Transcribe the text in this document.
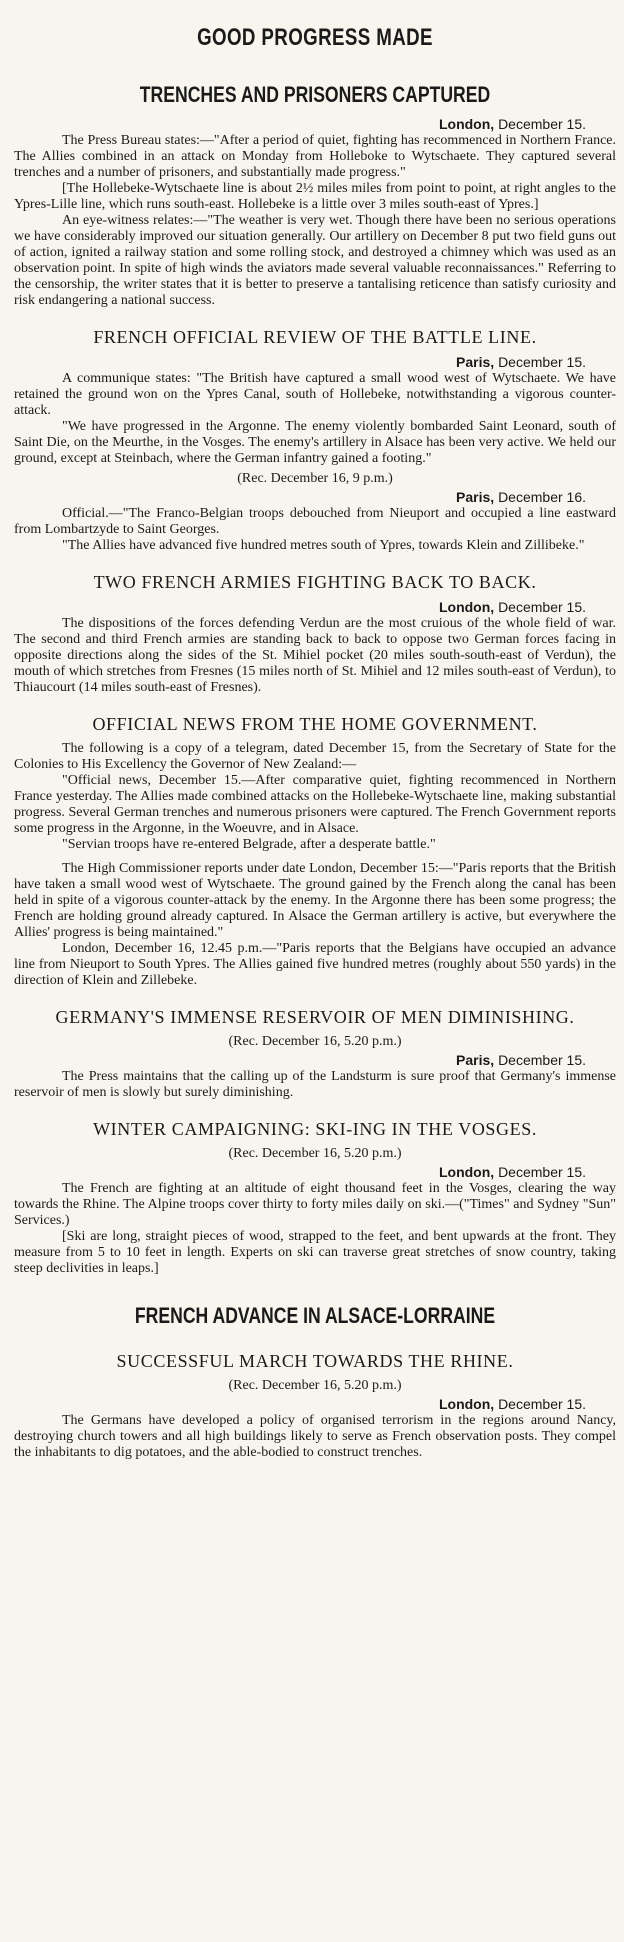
GOOD PROGRESS MADE
TRENCHES AND PRISONERS CAPTURED
London, December 15.

The Press Bureau states:—"After a period of quiet, fighting has recommenced in Northern France. The Allies combined in an attack on Monday from Holleboke to Wytschaete. They captured several trenches and a number of prisoners, and substantially made progress."

[The Hollebeke-Wytschaete line is about 2½ miles miles from point to point, at right angles to the Ypres-Lille line, which runs south-east. Hollebeke is a little over 3 miles south-east of Ypres.]

An eye-witness relates:—"The weather is very wet. Though there have been no serious operations we have considerably improved our situation generally. Our artillery on December 8 put two field guns out of action, ignited a railway station and some rolling stock, and destroyed a chimney which was used as an observation point. In spite of high winds the aviators made several valuable reconnaissances." Referring to the censorship, the writer states that it is better to preserve a tantalising reticence than satisfy curiosity and risk endangering a national success.

FRENCH OFFICIAL REVIEW OF THE BATTLE LINE.
Paris, December 15.

A communique states: "The British have captured a small wood west of Wytschaete. We have retained the ground won on the Ypres Canal, south of Hollebeke, notwithstanding a vigorous counter-attack.

"We have progressed in the Argonne. The enemy violently bombarded Saint Leonard, south of Saint Die, on the Meurthe, in the Vosges. The enemy's artillery in Alsace has been very active. We held our ground, except at Steinbach, where the German infantry gained a footing."

(Rec. December 16, 9 p.m.)
Paris, December 16.

Official.—"The Franco-Belgian troops debouched from Nieuport and occupied a line eastward from Lombartzyde to Saint Georges.

"The Allies have advanced five hundred metres south of Ypres, towards Klein and Zillibeke."

TWO FRENCH ARMIES FIGHTING BACK TO BACK.
London, December 15.

The dispositions of the forces defending Verdun are the most cruious of the whole field of war. The second and third French armies are standing back to back to oppose two German forces facing in opposite directions along the sides of the St. Mihiel pocket (20 miles south-south-east of Verdun), the mouth of which stretches from Fresnes (15 miles north of St. Mihiel and 12 miles south-east of Verdun), to Thiaucourt (14 miles south-east of Fresnes).

OFFICIAL NEWS FROM THE HOME GOVERNMENT.

The following is a copy of a telegram, dated December 15, from the Secretary of State for the Colonies to His Excellency the Governor of New Zealand:—

"Official news, December 15.—After comparative quiet, fighting recommenced in Northern France yesterday. The Allies made combined attacks on the Hollebeke-Wytschaete line, making substantial progress. Several German trenches and numerous prisoners were captured. The French Government reports some progress in the Argonne, in the Woeuvre, and in Alsace.

"Servian troops have re-entered Belgrade, after a desperate battle."

The High Commissioner reports under date London, December 15:—"Paris reports that the British have taken a small wood west of Wytschaete. The ground gained by the French along the canal has been held in spite of a vigorous counter-attack by the enemy. In the Argonne there has been some progress; the French are holding ground already captured. In Alsace the German artillery is active, but everywhere the Allies' progress is being maintained."

London, December 16, 12.45 p.m.—"Paris reports that the Belgians have occupied an advance line from Nieuport to South Ypres. The Allies gained five hundred metres (roughly about 550 yards) in the direction of Klein and Zillebeke.

GERMANY'S IMMENSE RESERVOIR OF MEN DIMINISHING.
(Rec. December 16, 5.20 p.m.)
Paris, December 15.

The Press maintains that the calling up of the Landsturm is sure proof that Germany's immense reservoir of men is slowly but surely diminishing.

WINTER CAMPAIGNING: SKI-ING IN THE VOSGES.
(Rec. December 16, 5.20 p.m.)
London, December 15.

The French are fighting at an altitude of eight thousand feet in the Vosges, clearing the way towards the Rhine. The Alpine troops cover thirty to forty miles daily on ski.—("Times" and Sydney "Sun" Services.)

[Ski are long, straight pieces of wood, strapped to the feet, and bent upwards at the front. They measure from 5 to 10 feet in length. Experts on ski can traverse great stretches of snow country, taking steep declivities in leaps.]

FRENCH ADVANCE IN ALSACE-LORRAINE
SUCCESSFUL MARCH TOWARDS THE RHINE.
(Rec. December 16, 5.20 p.m.)
London, December 15.

The Germans have developed a policy of organised terrorism in the regions around Nancy, destroying church towers and all high buildings likely to serve as French observation posts. They compel the inhabitants to dig potatoes, and the able-bodied to construct trenches.
